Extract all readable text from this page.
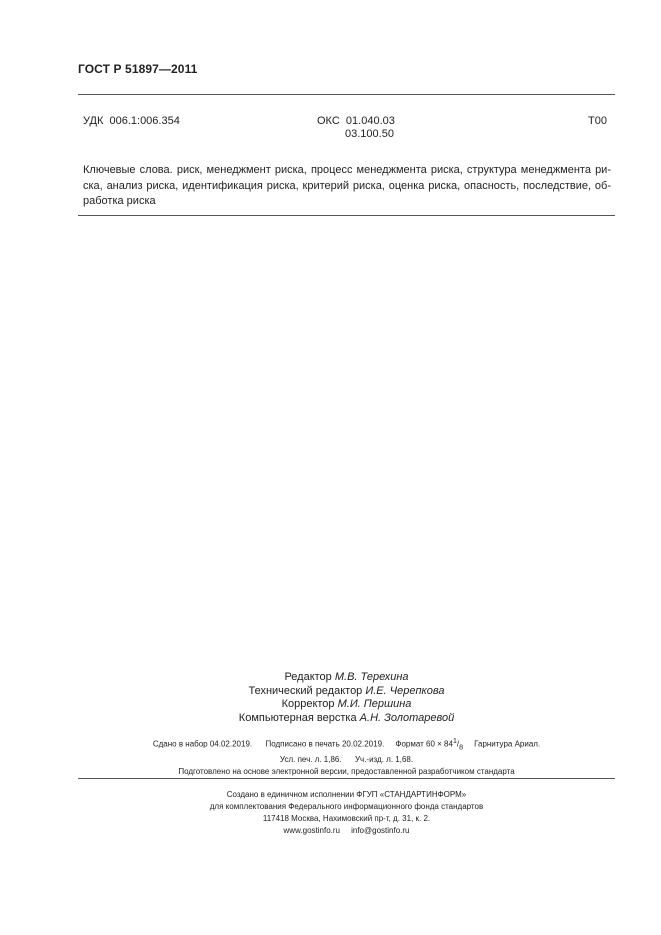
ГОСТ Р 51897—2011
УДК 006.1:006.354	ОКС 01.040.03
03.100.50
Т00
Ключевые слова. риск, менеджмент риска, процесс менеджмента риска, структура менеджмента ри-
ска, анализ риска, идентификация риска, критерий риска, оценка риска, опасность, последствие, об-
работка риска
Редактор М.В. Терехина
Технический редактор И.Е. Черепкова
Корректор М.И. Першина
Компьютерная верстка А.Н. Золотаревой
Сдано в набор 04.02.2019. Подписано в печать 20.02.2019. Формат $60 \times 84^1/_8$ Гарнитура Ариал.
Усл. печ. л. 1,86. Уч.-изд. л. 1,68.
Подготовлено на основе электронной версии, предоставленной разработчиком стандарта
Создано в единичном исполнении ФГУП «СТАНДАРТИНФОРМ»
для комплектования Федерального информационного фонда стандартов
117418 Москва, Нахимовский пр-т, д. 31, к. 2.
www.gostinfo.ru info@gostinfo.ru
